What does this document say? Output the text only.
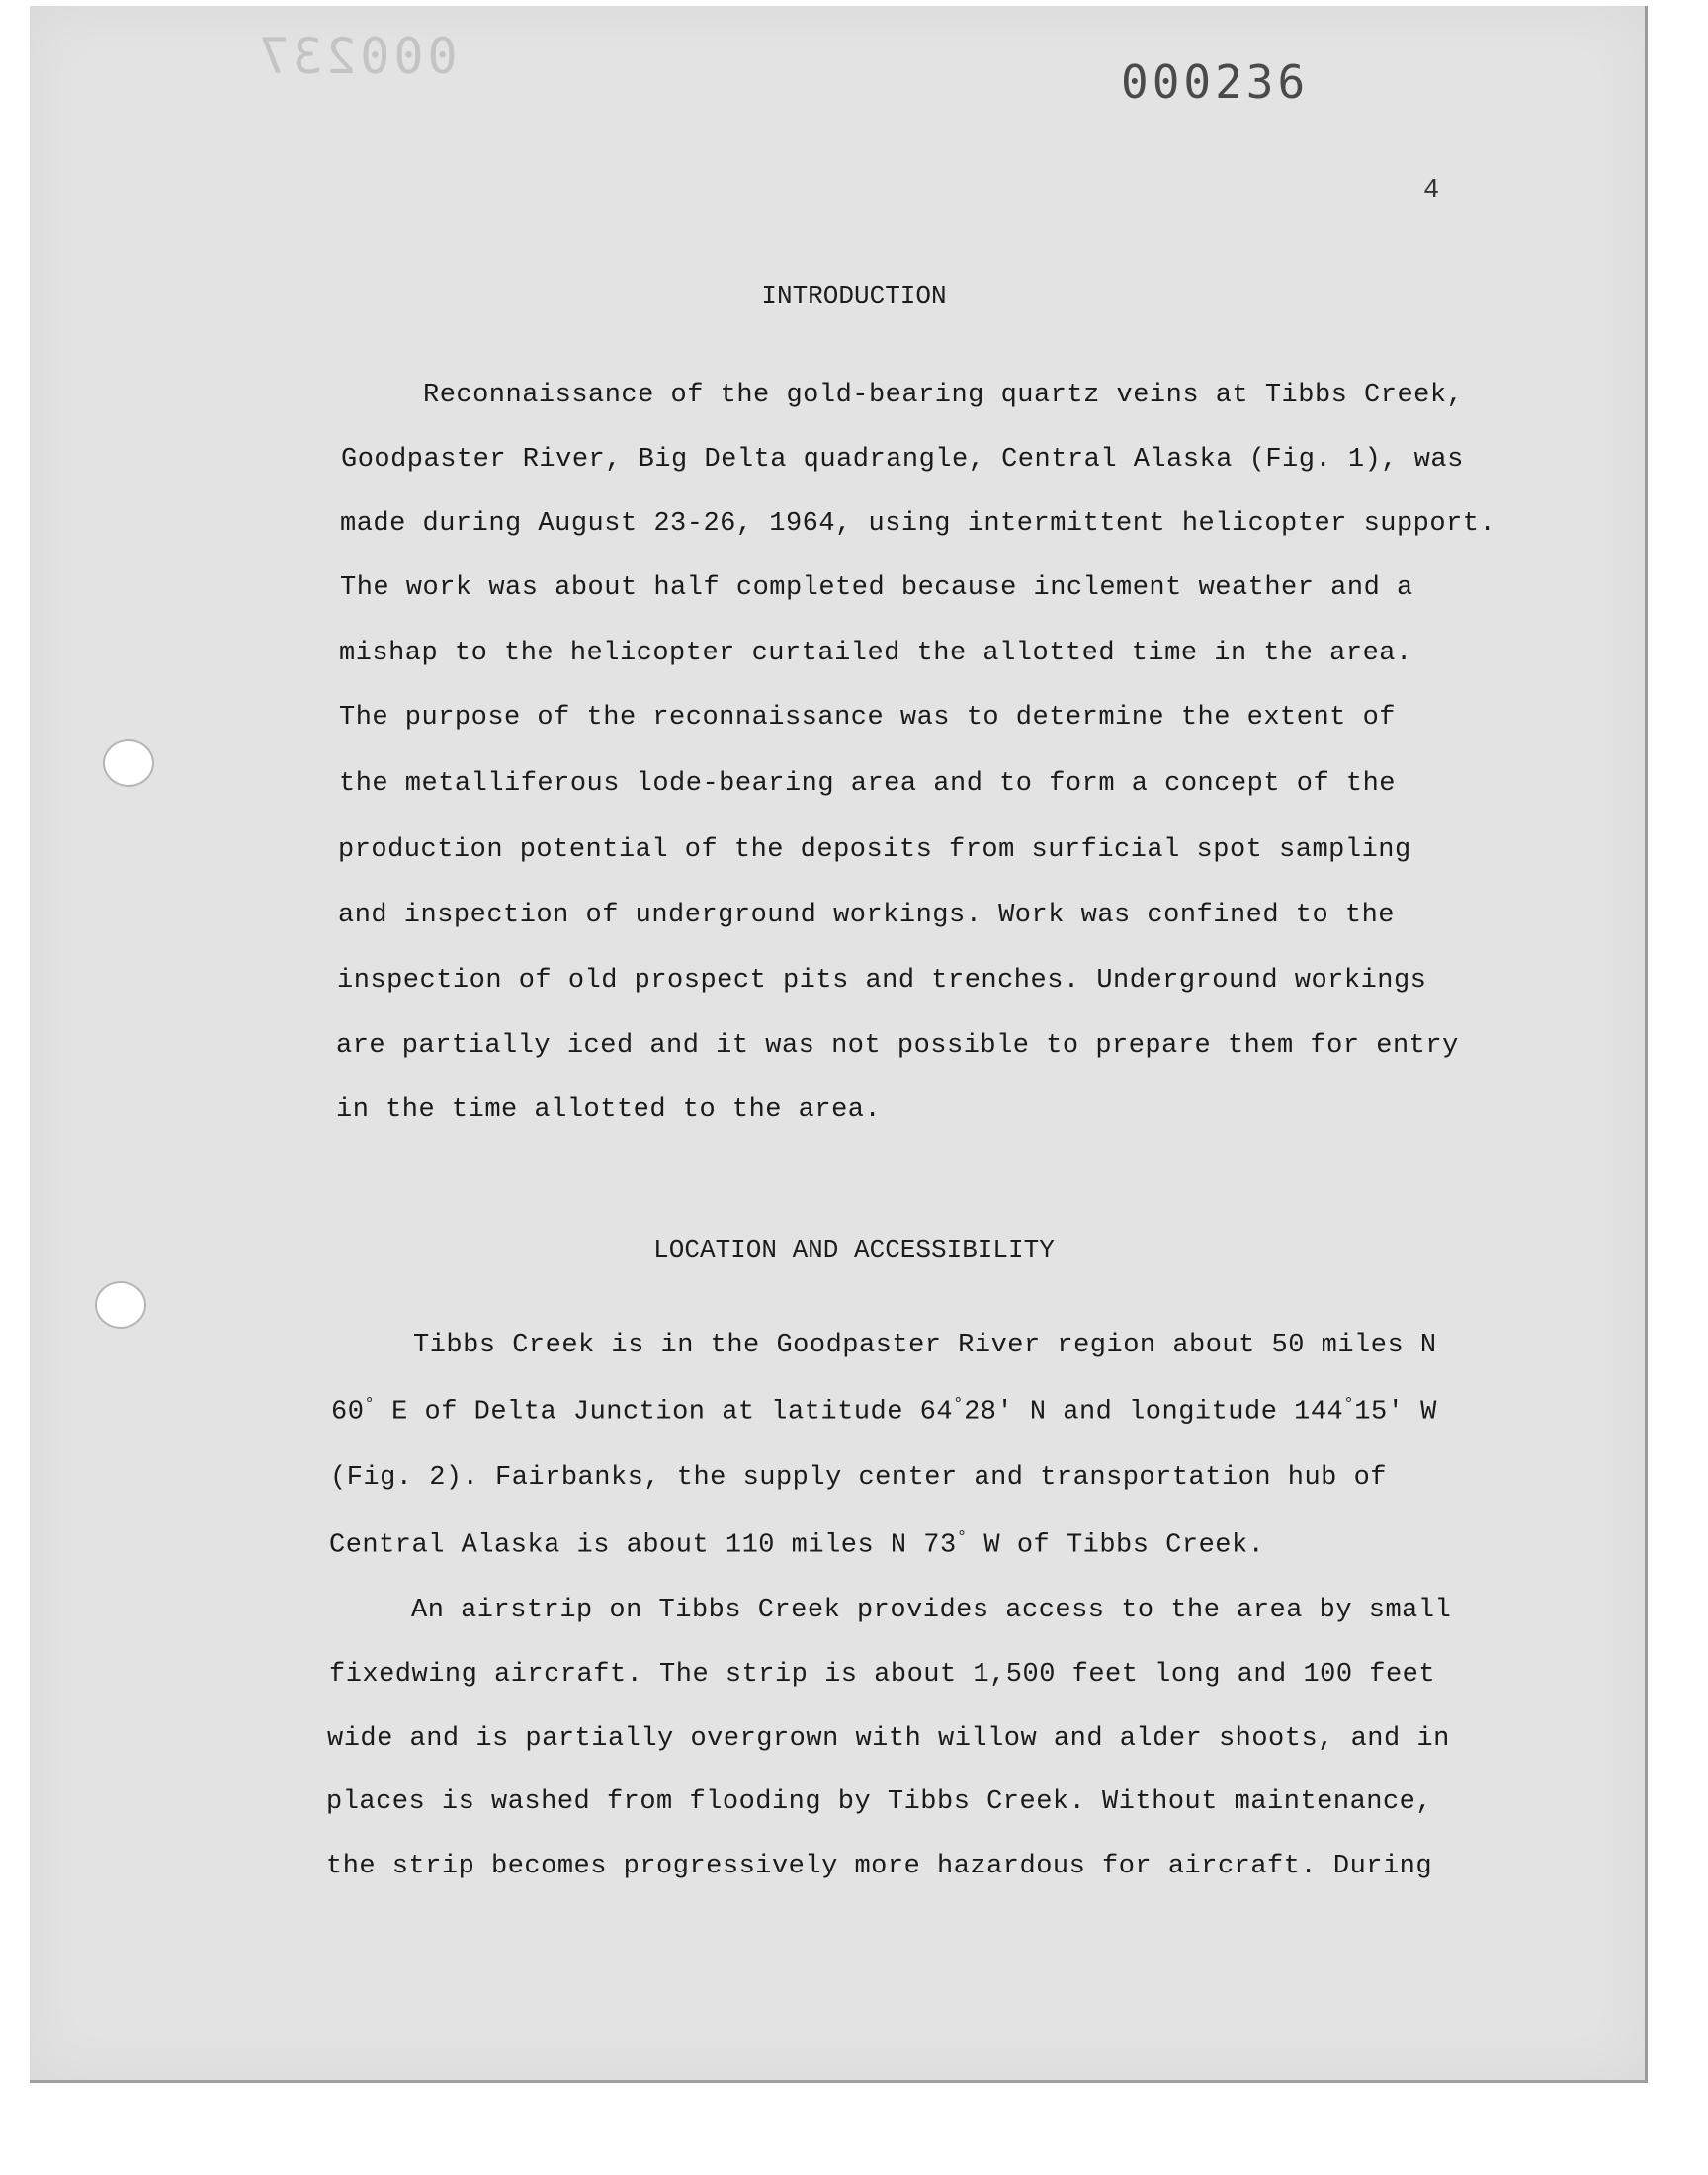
000237	000236
4
INTRODUCTION
Reconnaissance of the gold-bearing quartz veins at Tibbs Creek,
Goodpaster River, Big Delta quadrangle, Central Alaska (Fig. 1), was
made during August 23-26, 1964, using intermittent helicopter support.
The work was about half completed because inclement weather and a
mishap to the helicopter curtailed the allotted time in the area.
The purpose of the reconnaissance was to determine the extent of
the metalliferous lode-bearing area and to form a concept of the
production potential of the deposits from surficial spot sampling
and inspection of underground workings. Work was confined to the
inspection of old prospect pits and trenches. Underground workings
are partially iced and it was not possible to prepare them for entry
in the time allotted to the area.
LOCATION AND ACCESSIBILITY
Tibbs Creek is in the Goodpaster River region about 50 miles N
60° E of Delta Junction at latitude 64°28' N and longitude 144°15' W
(Fig. 2). Fairbanks, the supply center and transportation hub of
Central Alaska is about 110 miles N 73° W of Tibbs Creek.
An airstrip on Tibbs Creek provides access to the area by small
fixedwing aircraft. The strip is about 1,500 feet long and 100 feet
wide and is partially overgrown with willow and alder shoots, and in
places is washed from flooding by Tibbs Creek. Without maintenance,
the strip becomes progressively more hazardous for aircraft. During
